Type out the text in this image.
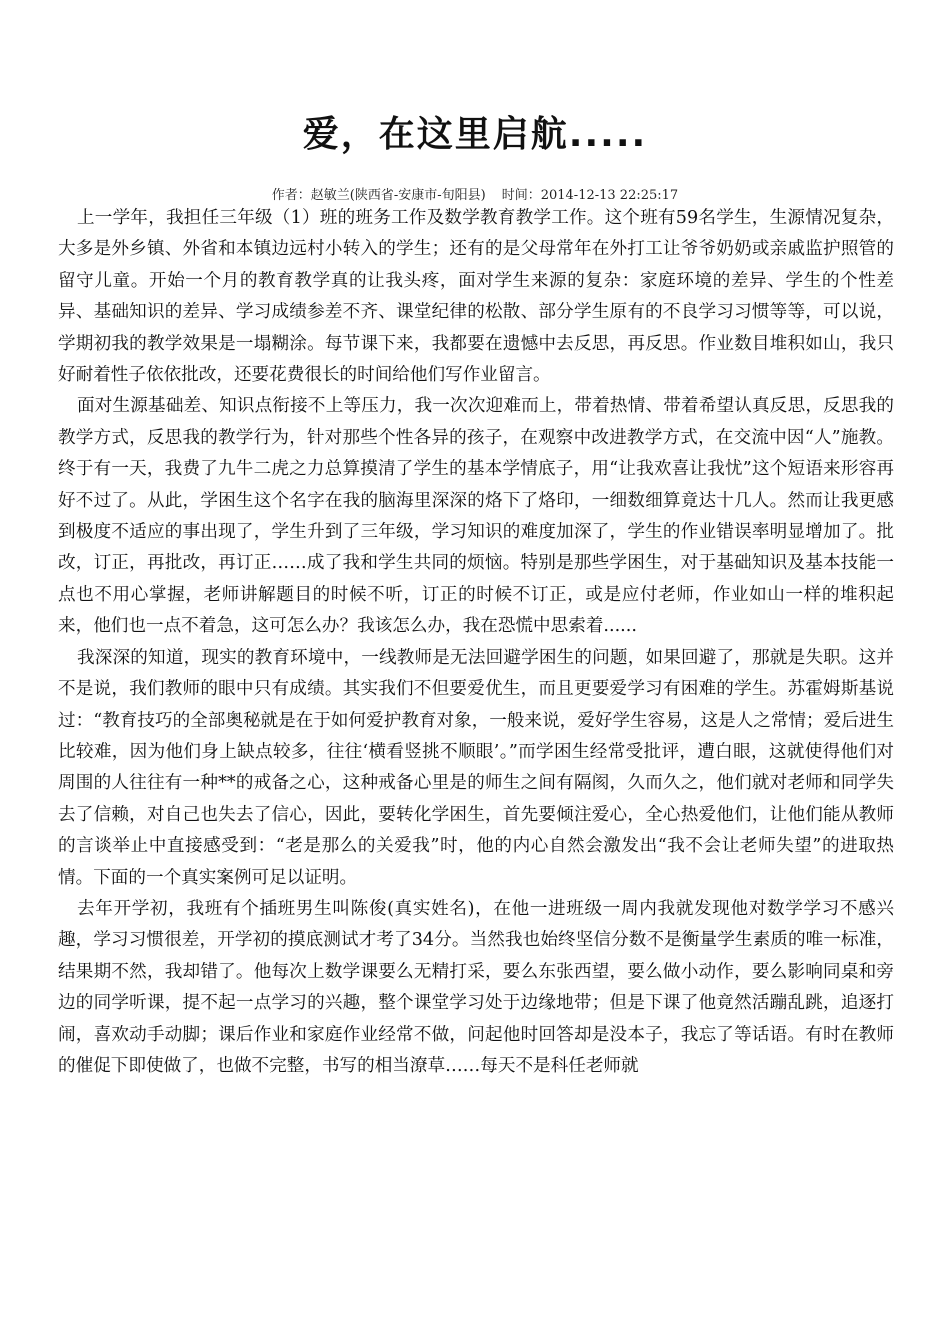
爱，在这里启航.....
作者：赵敏兰(陕西省-安康市-旬阳县) 时间：2014-12-13 22:25:17

上一学年，我担任三年级（1）班的班务工作及数学教育教学工作。这个班有59名学生，生源情况复杂，大多是外乡镇、外省和本镇边远村小转入的学生；还有的是父母常年在外打工让爷爷奶奶或亲戚监护照管的留守儿童。开始一个月的教育教学真的让我头疼，面对学生来源的复杂：家庭环境的差异、学生的个性差异、基础知识的差异、学习成绩参差不齐、课堂纪律的松散、部分学生原有的不良学习习惯等等，可以说，学期初我的教学效果是一塌糊涂。每节课下来，我都要在遗憾中去反思，再反思。作业数目堆积如山，我只好耐着性子依依批改，还要花费很长的时间给他们写作业留言。

面对生源基础差、知识点衔接不上等压力，我一次次迎难而上，带着热情、带着希望认真反思，反思我的教学方式，反思我的教学行为，针对那些个性各异的孩子，在观察中改进教学方式，在交流中因“人”施教。终于有一天，我费了九牛二虎之力总算摸清了学生的基本学情底子，用“让我欢喜让我忧”这个短语来形容再好不过了。从此，学困生这个名字在我的脑海里深深的烙下了烙印，一细数细算竟达十几人。然而让我更感到极度不适应的事出现了，学生升到了三年级，学习知识的难度加深了，学生的作业错误率明显增加了。批改，订正，再批改，再订正……成了我和学生共同的烦恼。特别是那些学困生，对于基础知识及基本技能一点也不用心掌握，老师讲解题目的时候不听，订正的时候不订正，或是应付老师，作业如山一样的堆积起来，他们也一点不着急，这可怎么办？我该怎么办，我在恐慌中思索着......

我深深的知道，现实的教育环境中，一线教师是无法回避学困生的问题，如果回避了，那就是失职。这并不是说，我们教师的眼中只有成绩。其实我们不但要爱优生，而且更要爱学习有困难的学生。苏霍姆斯基说过：“教育技巧的全部奥秘就是在于如何爱护教育对象，一般来说，爱好学生容易，这是人之常情；爱后进生比较难，因为他们身上缺点较多，往往‘横看竖挑不顺眼’。”而学困生经常受批评，遭白眼，这就使得他们对周围的人往往有一种**的戒备之心，这种戒备心里是的师生之间有隔阂，久而久之，他们就对老师和同学失去了信赖，对自己也失去了信心，因此，要转化学困生，首先要倾注爱心，全心热爱他们，让他们能从教师的言谈举止中直接感受到：“老是那么的关爱我”时，他的内心自然会激发出“我不会让老师失望”的进取热情。下面的一个真实案例可足以证明。

去年开学初，我班有个插班男生叫陈俊(真实姓名)，在他一进班级一周内我就发现他对数学学习不感兴趣，学习习惯很差，开学初的摸底测试才考了34分。当然我也始终坚信分数不是衡量学生素质的唯一标准，结果期不然，我却错了。他每次上数学课要么无精打采，要么东张西望，要么做小动作，要么影响同桌和旁边的同学听课，提不起一点学习的兴趣，整个课堂学习处于边缘地带；但是下课了他竟然活蹦乱跳，追逐打闹，喜欢动手动脚；课后作业和家庭作业经常不做，问起他时回答却是没本子，我忘了等话语。有时在教师的催促下即使做了，也做不完整，书写的相当潦草……每天不是科任老师就
